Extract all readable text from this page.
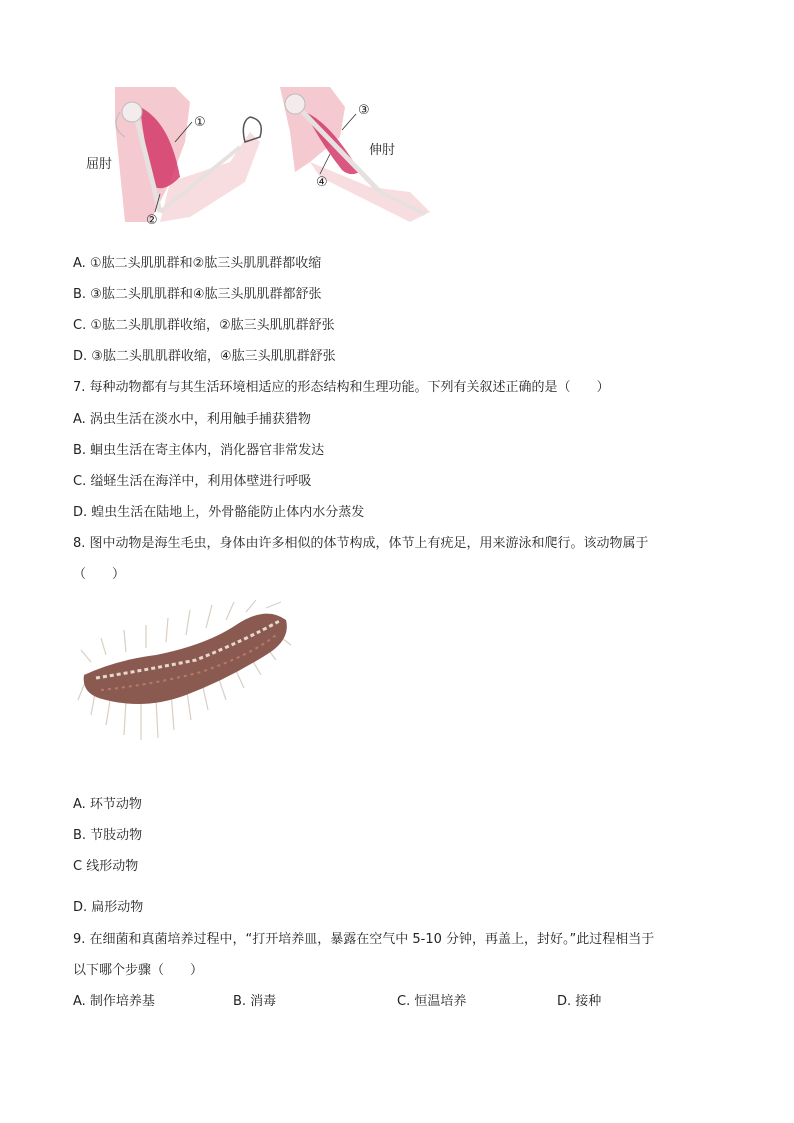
屈肘
①
②
③
伸肘
④
A. ①肱二头肌肌群和②肱三头肌肌群都收缩
B. ③肱二头肌肌群和④肱三头肌肌群都舒张
C. ①肱二头肌肌群收缩，②肱三头肌肌群舒张
D. ③肱二头肌肌群收缩，④肱三头肌肌群舒张
7. 每种动物都有与其生活环境相适应的形态结构和生理功能。下列有关叙述正确的是（　　）
A. 涡虫生活在淡水中，利用触手捕获猎物
B. 蛔虫生活在寄主体内，消化器官非常发达
C. 缢蛏生活在海洋中，利用体壁进行呼吸
D. 蝗虫生活在陆地上，外骨骼能防止体内水分蒸发
8. 图中动物是海生毛虫，身体由许多相似的体节构成，体节上有疣足，用来游泳和爬行。该动物属于
（　　）
A. 环节动物
B. 节肢动物
C 线形动物
D. 扁形动物
9. 在细菌和真菌培养过程中，“打开培养皿，暴露在空气中 5-10 分钟，再盖上，封好。”此过程相当于
以下哪个步骤（　　）
A. 制作培养基	B. 消毒	C. 恒温培养	D. 接种
